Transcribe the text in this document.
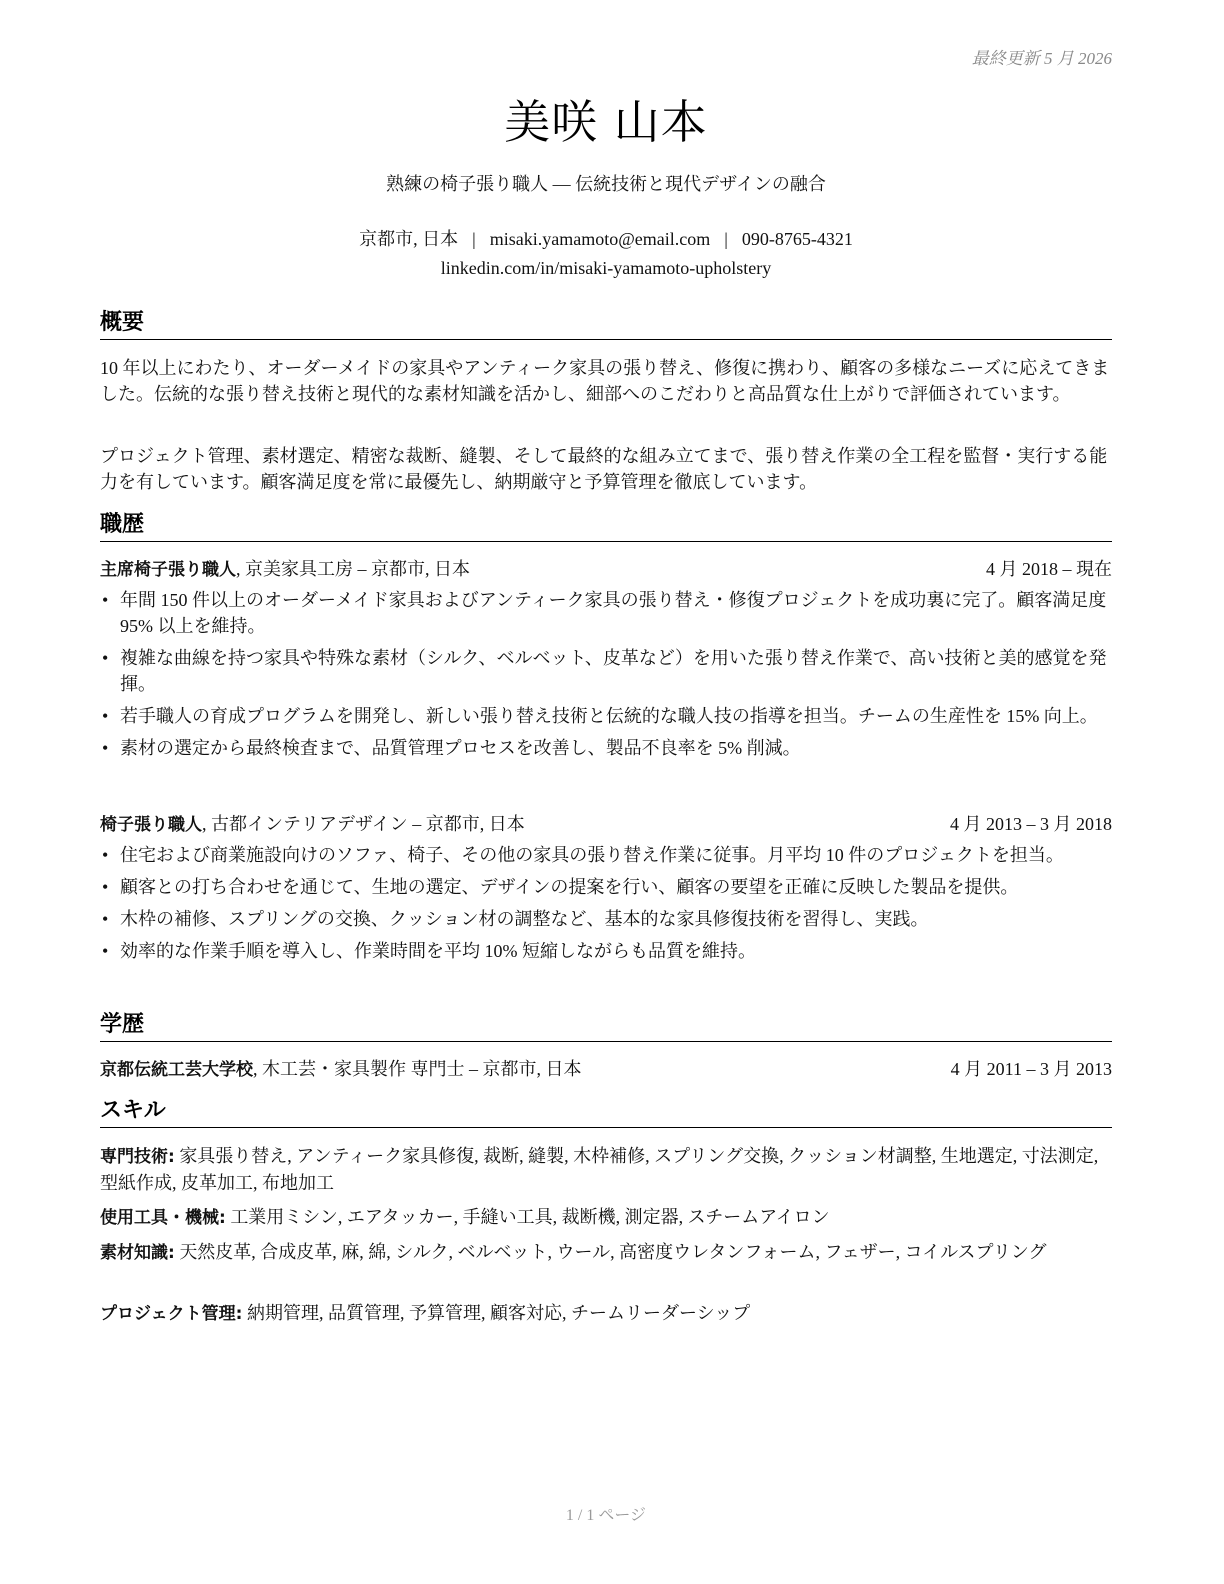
最終更新 5 月 2026
美咲 山本
熟練の椅子張り職人 — 伝統技術と現代デザインの融合
京都市, 日本 | misaki.yamamoto@email.com | 090-8765-4321
linkedin.com/in/misaki-yamamoto-upholstery
概要
10 年以上にわたり、オーダーメイドの家具やアンティーク家具の張り替え、修復に携わり、顧客の多様なニーズに応えてきました。伝統的な張り替え技術と現代的な素材知識を活かし、細部へのこだわりと高品質な仕上がりで評価されています。
プロジェクト管理、素材選定、精密な裁断、縫製、そして最終的な組み立てまで、張り替え作業の全工程を監督・実行する能力を有しています。顧客満足度を常に最優先し、納期厳守と予算管理を徹底しています。
職歴
主席椅子張り職人, 京美家具工房 – 京都市, 日本	4 月 2018 – 現在
• 年間 150 件以上のオーダーメイド家具およびアンティーク家具の張り替え・修復プロジェクトを成功裏に完了。顧客満足度 95% 以上を維持。
• 複雑な曲線を持つ家具や特殊な素材（シルク、ベルベット、皮革など）を用いた張り替え作業で、高い技術と美的感覚を発揮。
• 若手職人の育成プログラムを開発し、新しい張り替え技術と伝統的な職人技の指導を担当。チームの生産性を 15% 向上。
• 素材の選定から最終検査まで、品質管理プロセスを改善し、製品不良率を 5% 削減。
椅子張り職人, 古都インテリアデザイン – 京都市, 日本	4 月 2013 – 3 月 2018
• 住宅および商業施設向けのソファ、椅子、その他の家具の張り替え作業に従事。月平均 10 件のプロジェクトを担当。
• 顧客との打ち合わせを通じて、生地の選定、デザインの提案を行い、顧客の要望を正確に反映した製品を提供。
• 木枠の補修、スプリングの交換、クッション材の調整など、基本的な家具修復技術を習得し、実践。
• 効率的な作業手順を導入し、作業時間を平均 10% 短縮しながらも品質を維持。
学歴
京都伝統工芸大学校, 木工芸・家具製作 専門士 – 京都市, 日本	4 月 2011 – 3 月 2013
スキル
専門技術: 家具張り替え, アンティーク家具修復, 裁断, 縫製, 木枠補修, スプリング交換, クッション材調整, 生地選定, 寸法測定, 型紙作成, 皮革加工, 布地加工
使用工具・機械: 工業用ミシン, エアタッカー, 手縫い工具, 裁断機, 測定器, スチームアイロン
素材知識: 天然皮革, 合成皮革, 麻, 綿, シルク, ベルベット, ウール, 高密度ウレタンフォーム, フェザー, コイルスプリング
プロジェクト管理: 納期管理, 品質管理, 予算管理, 顧客対応, チームリーダーシップ
1 / 1 ページ
